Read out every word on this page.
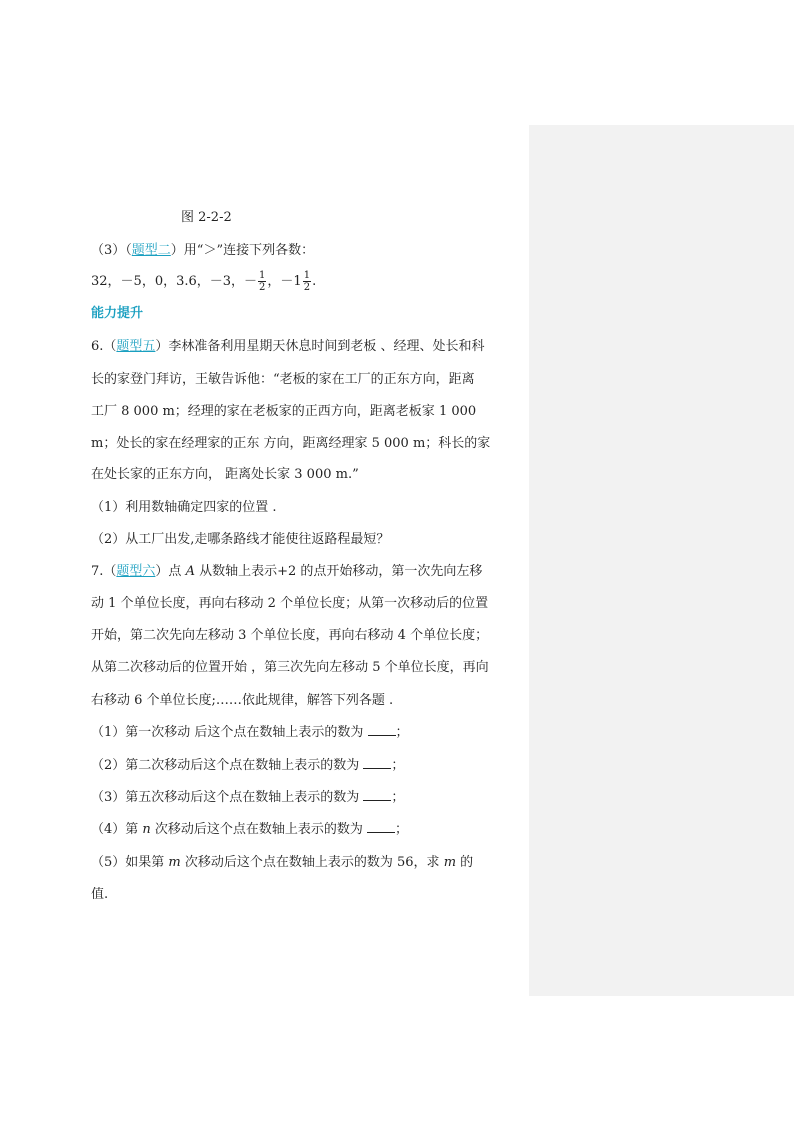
图 2-2-2
（3）（题型二）用“＞”连接下列各数：
32，－5，0，3.6，－3，－ $\frac{1}{2}$ ，$-1 \frac{1}{2}$ .
能力提升
6.（题型五）李林准备利用星期天休息时间到老板 、经理、处长和科
长的家登门拜访，王敏告诉他：“老板的家在工厂的正东方向，距离
工厂 8 000 m；经理的家在老板家的正西方向，距离老板家 1 000
m；处长的家在经理家的正东 方向，距离经理家 5 000 m；科长的家
在处长家的正东方向， 距离处长家 3 000 m.”
（1）利用数轴确定四家的位置 .
（2）从工厂出发,走哪条路线才能使往返路程最短？
7.（题型六）点 A 从数轴上表示+2 的点开始移动，第一次先向左移
动 1 个单位长度，再向右移动 2 个单位长度；从第一次移动后的位置
开始，第二次先向左移动 3 个单位长度，再向右移动 4 个单位长度；
从第二次移动后的位置开始 ，第三次先向左移动 5 个单位长度，再向
右移动 6 个单位长度;……依此规律，解答下列各题 .
（1）第一次移动 后这个点在数轴上表示的数为 ；
（2）第二次移动后这个点在数轴上表示的数为 ；
（3）第五次移动后这个点在数轴上表示的数为 ；
（4）第 n 次移动后这个点在数轴上表示的数为 ；
（5）如果第 m 次移动后这个点在数轴上表示的数为 56，求 m 的
值.
